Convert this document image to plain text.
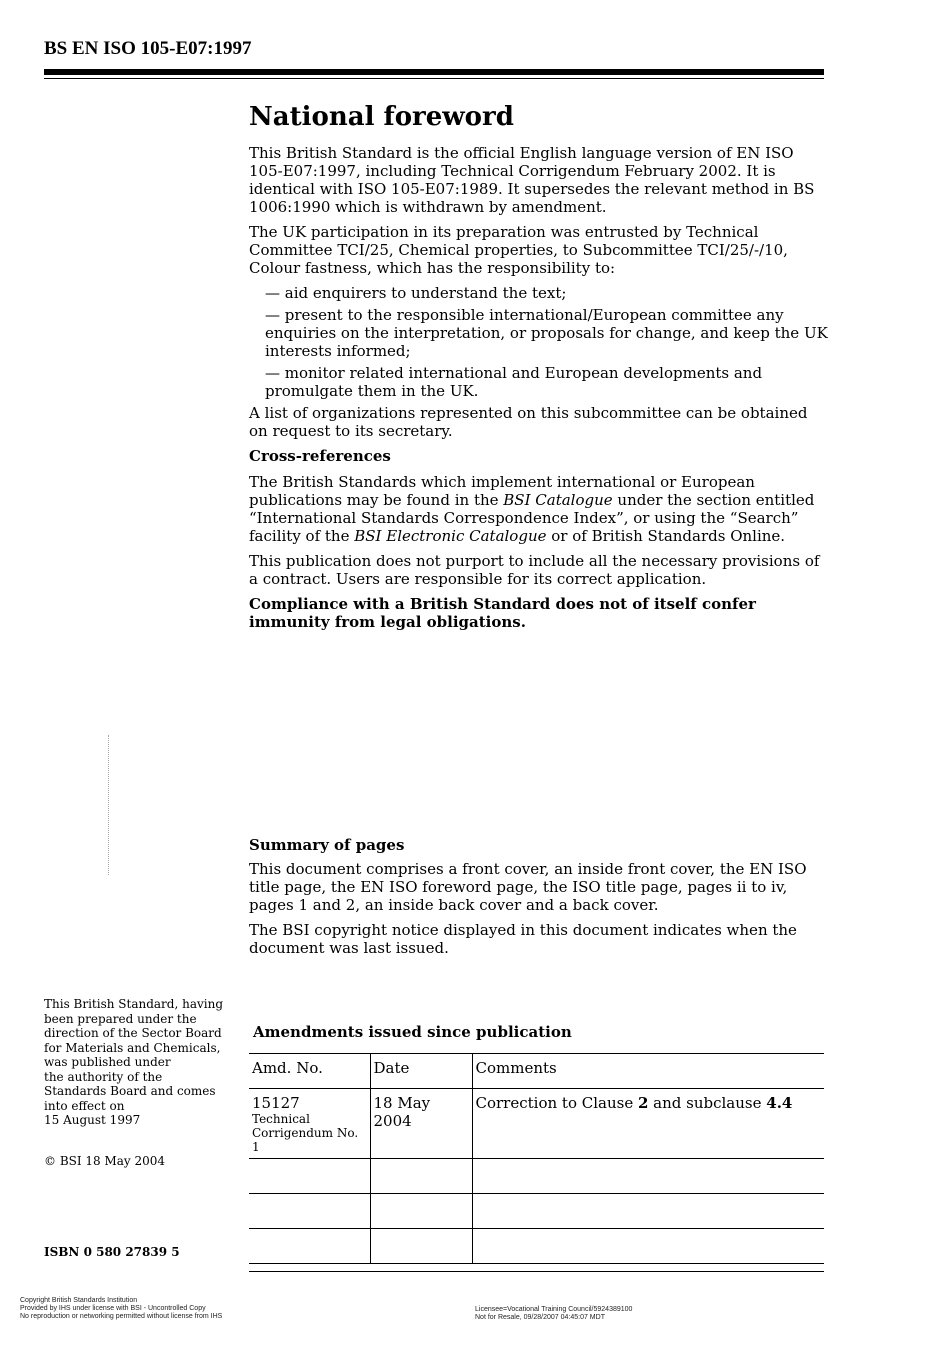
BS EN ISO 105-E07:1997
National foreword

This British Standard is the official English language version of EN ISO 105-E07:1997, including Technical Corrigendum February 2002. It is identical with ISO 105-E07:1989. It supersedes the relevant method in BS 1006:1990 which is withdrawn by amendment.

The UK participation in its preparation was entrusted by Technical Committee TCI/25, Chemical properties, to Subcommittee TCI/25/-/10, Colour fastness, which has the responsibility to:

— aid enquirers to understand the text;

— present to the responsible international/European committee any enquiries on the interpretation, or proposals for change, and keep the UK interests informed;

— monitor related international and European developments and promulgate them in the UK.

A list of organizations represented on this subcommittee can be obtained on request to its secretary.

Cross-references

The British Standards which implement international or European publications may be found in the BSI Catalogue under the section entitled “International Standards Correspondence Index”, or using the “Search” facility of the BSI Electronic Catalogue or of British Standards Online.

This publication does not purport to include all the necessary provisions of a contract. Users are responsible for its correct application.

Compliance with a British Standard does not of itself confer immunity from legal obligations.

Summary of pages

This document comprises a front cover, an inside front cover, the EN ISO title page, the EN ISO foreword page, the ISO title page, pages ii to iv, pages 1 and 2, an inside back cover and a back cover.

The BSI copyright notice displayed in this document indicates when the document was last issued.

This British Standard, having
been prepared under the
direction of the Sector Board
for Materials and Chemicals,
was published under
the authority of the
Standards Board and comes
into effect on
15 August 1997
© BSI 18 May 2004
ISBN 0 580 27839 5
Amendments issued since publication
Amd. No.	Date	Comments
15127
Technical
Corrigendum No. 1	18 May 2004	Correction to Clause 2 and subclause 4.4

Copyright British Standards Institution
Provided by IHS under license with BSI - Uncontrolled Copy
No reproduction or networking permitted without license from IHS
Licensee=Vocational Training Council/5924389100
Not for Resale, 09/28/2007 04:45:07 MDT
